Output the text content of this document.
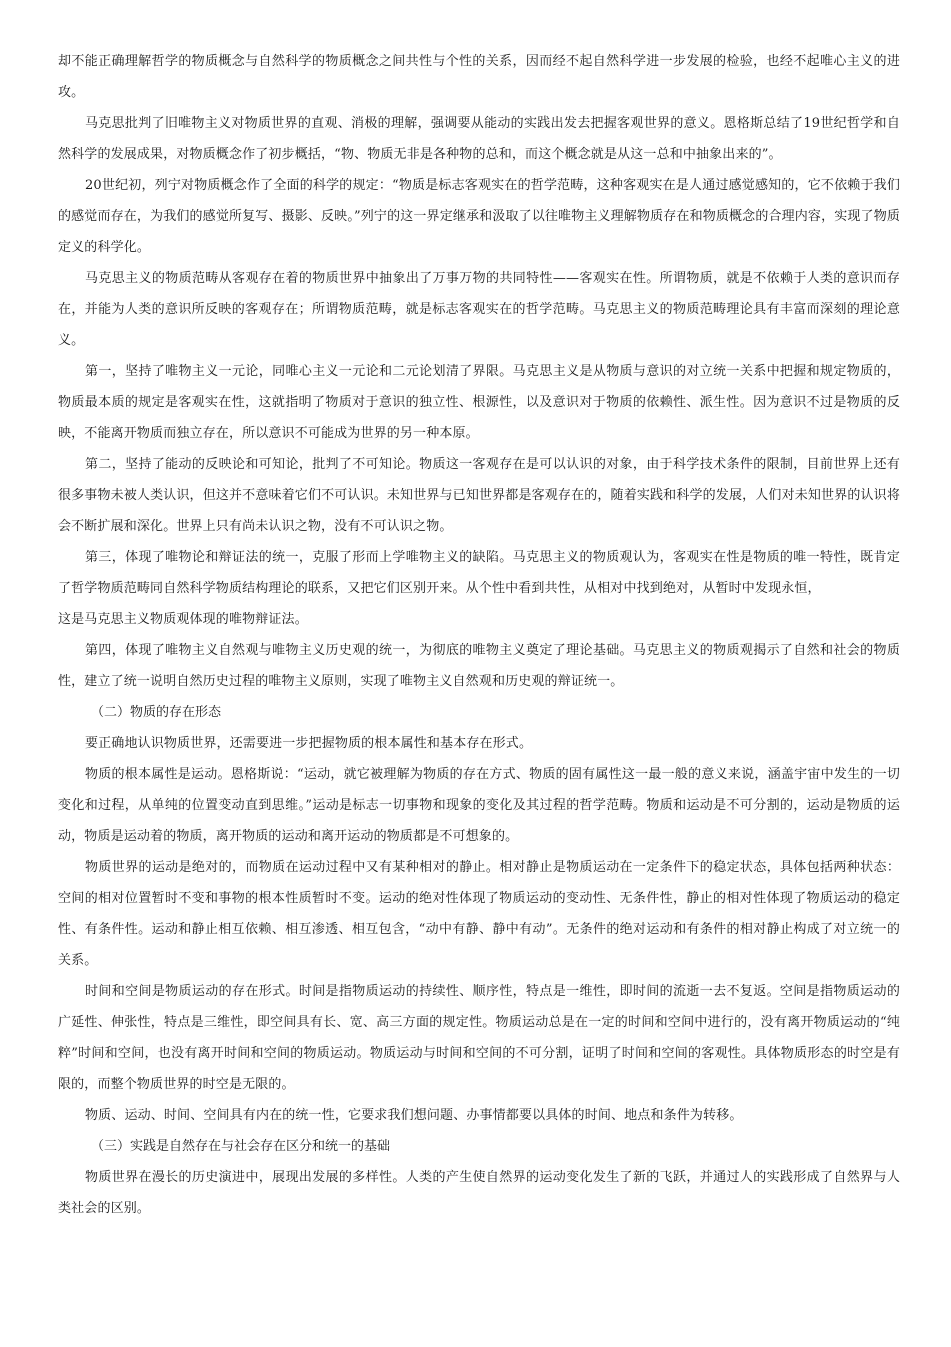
却不能正确理解哲学的物质概念与自然科学的物质概念之间共性与个性的关系，因而经不起自然科学进一步发展的检验，也经不起唯心主义的进攻。

马克思批判了旧唯物主义对物质世界的直观、消极的理解，强调要从能动的实践出发去把握客观世界的意义。恩格斯总结了19世纪哲学和自然科学的发展成果，对物质概念作了初步概括，“物、物质无非是各种物的总和，而这个概念就是从这一总和中抽象出来的”。

20世纪初，列宁对物质概念作了全面的科学的规定：“物质是标志客观实在的哲学范畴，这种客观实在是人通过感觉感知的，它不依赖于我们的感觉而存在，为我们的感觉所复写、摄影、反映。”列宁的这一界定继承和汲取了以往唯物主义理解物质存在和物质概念的合理内容，实现了物质定义的科学化。

马克思主义的物质范畴从客观存在着的物质世界中抽象出了万事万物的共同特性——客观实在性。所谓物质，就是不依赖于人类的意识而存在，并能为人类的意识所反映的客观存在；所谓物质范畴，就是标志客观实在的哲学范畴。马克思主义的物质范畴理论具有丰富而深刻的理论意义。

第一，坚持了唯物主义一元论，同唯心主义一元论和二元论划清了界限。马克思主义是从物质与意识的对立统一关系中把握和规定物质的，物质最本质的规定是客观实在性，这就指明了物质对于意识的独立性、根源性，以及意识对于物质的依赖性、派生性。因为意识不过是物质的反映，不能离开物质而独立存在，所以意识不可能成为世界的另一种本原。

第二，坚持了能动的反映论和可知论，批判了不可知论。物质这一客观存在是可以认识的对象，由于科学技术条件的限制，目前世界上还有很多事物未被人类认识，但这并不意味着它们不可认识。未知世界与已知世界都是客观存在的，随着实践和科学的发展，人们对未知世界的认识将会不断扩展和深化。世界上只有尚未认识之物，没有不可认识之物。

第三，体现了唯物论和辩证法的统一，克服了形而上学唯物主义的缺陷。马克思主义的物质观认为，客观实在性是物质的唯一特性，既肯定了哲学物质范畴同自然科学物质结构理论的联系，又把它们区别开来。从个性中看到共性，从相对中找到绝对，从暂时中发现永恒，

这是马克思主义物质观体现的唯物辩证法。

第四，体现了唯物主义自然观与唯物主义历史观的统一，为彻底的唯物主义奠定了理论基础。马克思主义的物质观揭示了自然和社会的物质性，建立了统一说明自然历史过程的唯物主义原则，实现了唯物主义自然观和历史观的辩证统一。

（二）物质的存在形态

要正确地认识物质世界，还需要进一步把握物质的根本属性和基本存在形式。

物质的根本属性是运动。恩格斯说：“运动，就它被理解为物质的存在方式、物质的固有属性这一最一般的意义来说，涵盖宇宙中发生的一切变化和过程，从单纯的位置变动直到思维。”运动是标志一切事物和现象的变化及其过程的哲学范畴。物质和运动是不可分割的，运动是物质的运动，物质是运动着的物质，离开物质的运动和离开运动的物质都是不可想象的。

物质世界的运动是绝对的，而物质在运动过程中又有某种相对的静止。相对静止是物质运动在一定条件下的稳定状态，具体包括两种状态：空间的相对位置暂时不变和事物的根本性质暂时不变。运动的绝对性体现了物质运动的变动性、无条件性，静止的相对性体现了物质运动的稳定性、有条件性。运动和静止相互依赖、相互渗透、相互包含，“动中有静、静中有动”。无条件的绝对运动和有条件的相对静止构成了对立统一的关系。

时间和空间是物质运动的存在形式。时间是指物质运动的持续性、顺序性，特点是一维性，即时间的流逝一去不复返。空间是指物质运动的广延性、伸张性，特点是三维性，即空间具有长、宽、高三方面的规定性。物质运动总是在一定的时间和空间中进行的，没有离开物质运动的“纯粹”时间和空间，也没有离开时间和空间的物质运动。物质运动与时间和空间的不可分割，证明了时间和空间的客观性。具体物质形态的时空是有限的，而整个物质世界的时空是无限的。

物质、运动、时间、空间具有内在的统一性，它要求我们想问题、办事情都要以具体的时间、地点和条件为转移。

（三）实践是自然存在与社会存在区分和统一的基础

物质世界在漫长的历史演进中，展现出发展的多样性。人类的产生使自然界的运动变化发生了新的飞跃，并通过人的实践形成了自然界与人类社会的区别。
